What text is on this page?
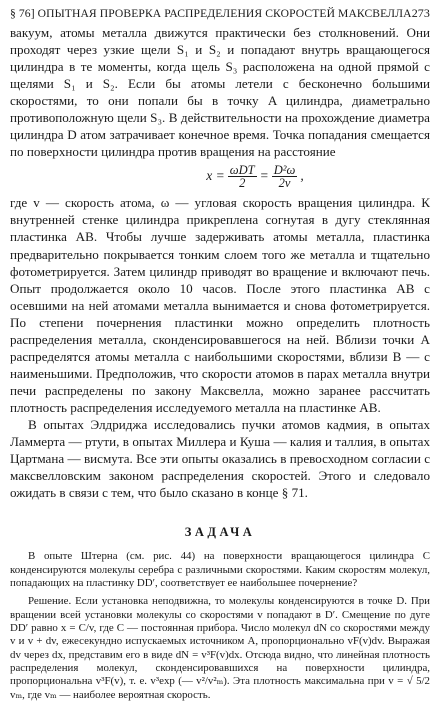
§ 76] ОПЫТНАЯ ПРОВЕРКА РАСПРЕДЕЛЕНИЯ СКОРОСТЕЙ МАКСВЕЛЛА 273

вакуум, атомы металла движутся практически без столкновений. Они проходят через узкие щели S₁ и S₂ и попадают внутрь вращающегося цилиндра в те моменты, когда щель S₃ расположена на одной прямой с щелями S₁ и S₂. Если бы атомы летели с бесконечно большими скоростями, то они попали бы в точку A цилиндра, диаметрально противоположную щели S₃. В действительности на прохождение диаметра цилиндра D атом затрачивает конечное время. Точка попадания смещается по поверхности цилиндра против вращения на расстояние

$x = \frac{\text{ωDT}}{2} = \frac{\text{D²ω}}{2v}$ ,

где v — скорость атома, ω — угловая скорость вращения цилиндра. К внутренней стенке цилиндра прикреплена согнутая в дугу стеклянная пластинка AB. Чтобы лучше задерживать атомы металла, пластинка предварительно покрывается тонким слоем того же металла и тщательно фотометрируется. Затем цилиндр приводят во вращение и включают печь. Опыт продолжается около 10 часов. После этого пластинка AB с осевшими на ней атомами металла вынимается и снова фотометрируется. По степени почернения пластинки можно определить плотность распределения металла, сконденсировавшегося на ней. Вблизи точки A распределятся атомы металла с наибольшими скоростями, вблизи B — с наименьшими. Предположив, что скорости атомов в парах металла внутри печи распределены по закону Максвелла, можно заранее рассчитать плотность распределения исследуемого металла на пластинке AB.

В опытах Элдриджа исследовались пучки атомов кадмия, в опытах Ламмерта — ртути, в опытах Миллера и Куша — калия и таллия, в опытах Цартмана — висмута. Все эти опыты оказались в превосходном согласии с максвелловским законом распределения скоростей. Этого и следовало ожидать в связи с тем, что было сказано в конце § 71.

ЗАДАЧА

В опыте Штерна (см. рис. 44) на поверхности вращающегося цилиндра C конденсируются молекулы серебра с различными скоростями. Каким скоростям молекул, попадающих на пластинку DD′, соответствует ее наибольшее почернение?

Решение. Если установка неподвижна, то молекулы конденсируются в точке D. При вращении всей установки молекулы со скоростями v попадают в D′. Смещение по дуге DD′ равно x = C/v, где C — постоянная прибора. Число молекул dN со скоростями между v и v + dv, ежесекундно испускаемых источником A, пропорционально vF(v)dv. Выражая dv через dx, представим его в виде dN = v³F(v)dx. Отсюда видно, что линейная плотность распределения молекул, сконденсировавшихся на поверхности цилиндра, пропорциональна v³F(v), т. е. v³exp (— v²/v²ₘ). Эта плотность максимальна при v = √ 5/2 vₘ, где vₘ — наиболее вероятная скорость.
